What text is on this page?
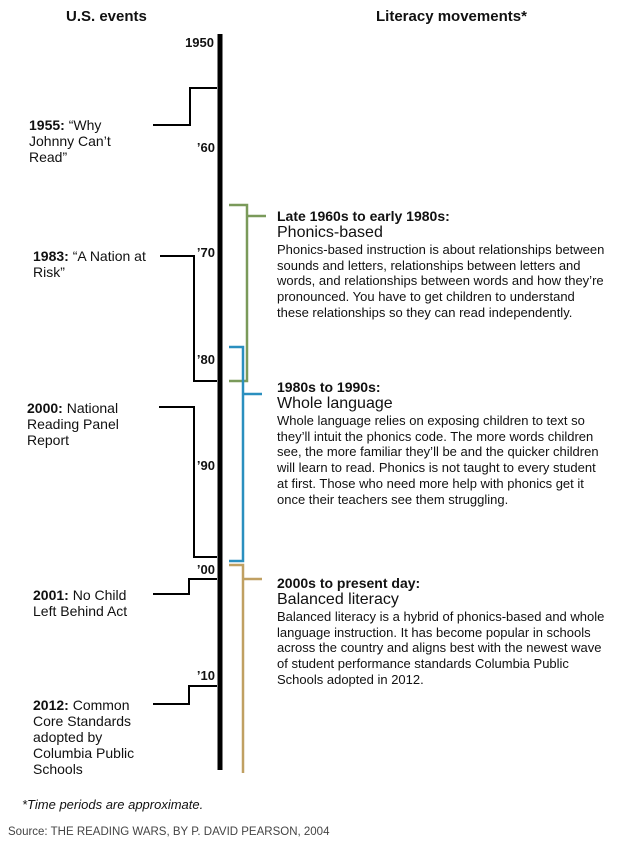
U.S. events	Literacy movements*
1950
’60
’70
’80
’90
’00
’10
1955: “Why Johnny Can’t Read”
1983: “A Nation at Risk”
2000: National Reading Panel Report
2001: No Child Left Behind Act
2012: Common Core Standards adopted by Columbia Public Schools
Late 1960s to early 1980s:
Phonics-based
Phonics-based instruction is about relationships between sounds and letters, relationships between letters and words, and relationships between words and how they’re pronounced. You have to get children to understand these relationships so they can read independently.
1980s to 1990s:
Whole language
Whole language relies on exposing children to text so they’ll intuit the phonics code. The more words children see, the more familiar they’ll be and the quicker children will learn to read. Phonics is not taught to every student at first. Those who need more help with phonics get it once their teachers see them struggling.
2000s to present day:
Balanced literacy
Balanced literacy is a hybrid of phonics-based and whole language instruction. It has become popular in schools across the country and aligns best with the newest wave of student performance standards Columbia Public Schools adopted in 2012.
*Time periods are approximate.
Source: THE READING WARS, BY P. DAVID PEARSON, 2004
